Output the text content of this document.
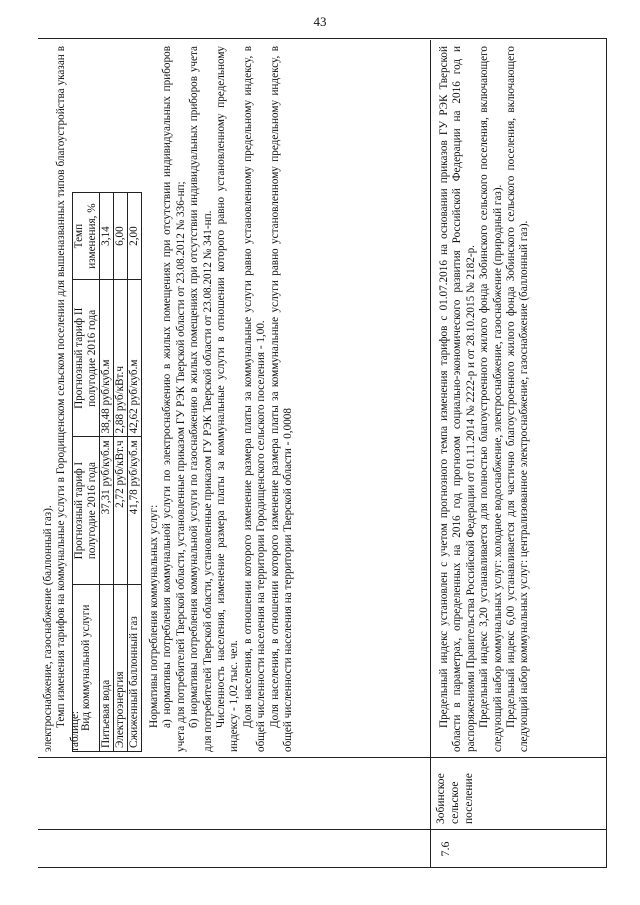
43

электроснабжение, газоснабжение (баллонный газ). Темп изменения тарифов на коммунальные услуги в Городищенском сельском поселении для вышеназванных типов благоустройства указан в таблице:

Вид коммунальной услуги	Прогнозный тариф I полугодие 2016 года	Прогнозный тариф II полугодие 2016 года	Темп изменения, %
Питьевая вода	37,31 руб/куб.м	38,48 руб/куб.м	3,14
Электроэнергия	2,72 руб/кВт.ч	2,88 руб/кВт.ч	6,00
Сжиженный баллонный газ	41,78 руб/куб.м	42,62 руб/куб.м	2,00

Нормативы потребления коммунальных услуг: а) нормативы потребления коммунальной услуги по электроснабжению в жилых помещениях при отсутствии индивидуальных приборов учета для потребителей Тверской области, установленные приказом ГУ РЭК Тверской области от 23.08.2012 № 336-нп; б) нормативы потребления коммунальной услуги по газоснабжению в жилых помещениях при отсутствии индивидуальных приборов учета для потребителей Тверской области, установленные приказом ГУ РЭК Тверской области от 23.08.2012 № 341-нп. Численность населения, изменение размера платы за коммунальные услуги в отношении которого равно установленному предельному индексу - 1,02 тыс. чел. Доля населения, в отношении которого изменение размера платы за коммунальные услуги равно установленному предельному индексу, в общей численности населения на территории Городищенского сельского поселения - 1,00. Доля населения, в отношении которого изменение размера платы за коммунальные услуги равно установленному предельному индексу, в общей численности населения на территории Тверской области - 0,0008

7.6
Зобинское сельское поселение

Предельный индекс установлен с учетом прогнозного темпа изменения тарифов с 01.07.2016 на основании приказов ГУ РЭК Тверской области в параметрах, определенных на 2016 год прогнозом социально-экономического развития Российской Федерации на 2016 год и распоряжениями Правительства Российской Федерации от 01.11.2014 № 2222-р и от 28.10.2015 № 2182-р. Предельный индекс 3,20 устанавливается для полностью благоустроенного жилого фонда Зобинского сельского поселения, включающего следующий набор коммунальных услуг: холодное водоснабжение, электроснабжение, газоснабжение (природный газ). Предельный индекс 6,00 устанавливается для частично благоустроенного жилого фонда Зобинского сельского поселения, включающего следующий набор коммунальных услуг: централизованное электроснабжение, газоснабжение (баллонный газ).
